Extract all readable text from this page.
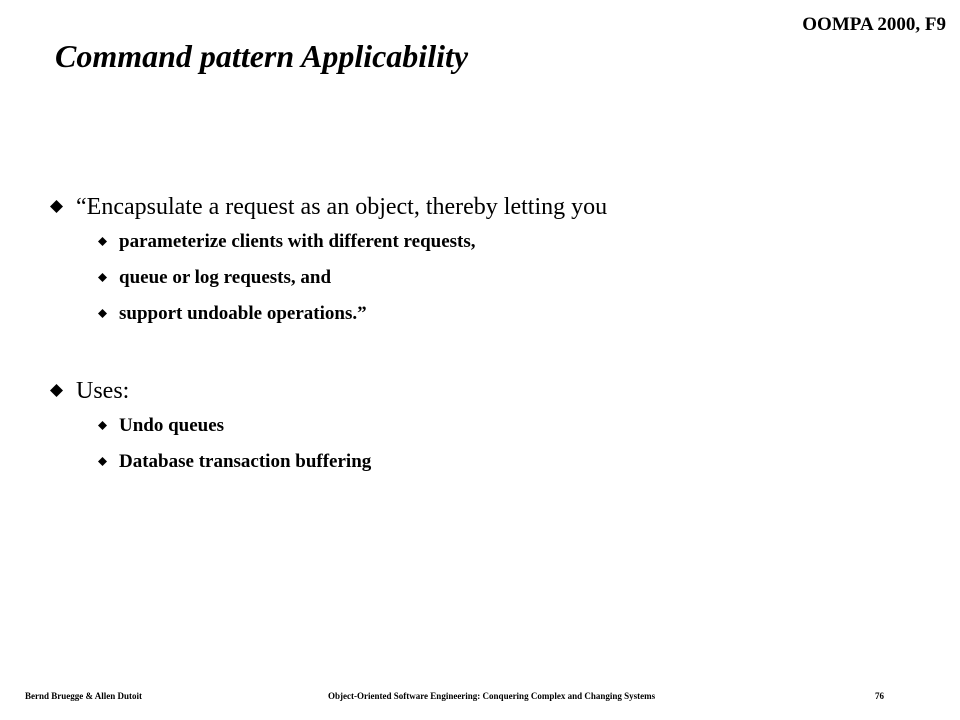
OOMPA 2000, F9
Command pattern Applicability
“Encapsulate a request as an object, thereby letting you
parameterize clients with different requests,
queue or log requests, and
support undoable operations.”
Uses:
Undo queues
Database transaction buffering
Bernd Bruegge & Allen Dutoit	Object-Oriented Software Engineering: Conquering Complex and Changing Systems	76
